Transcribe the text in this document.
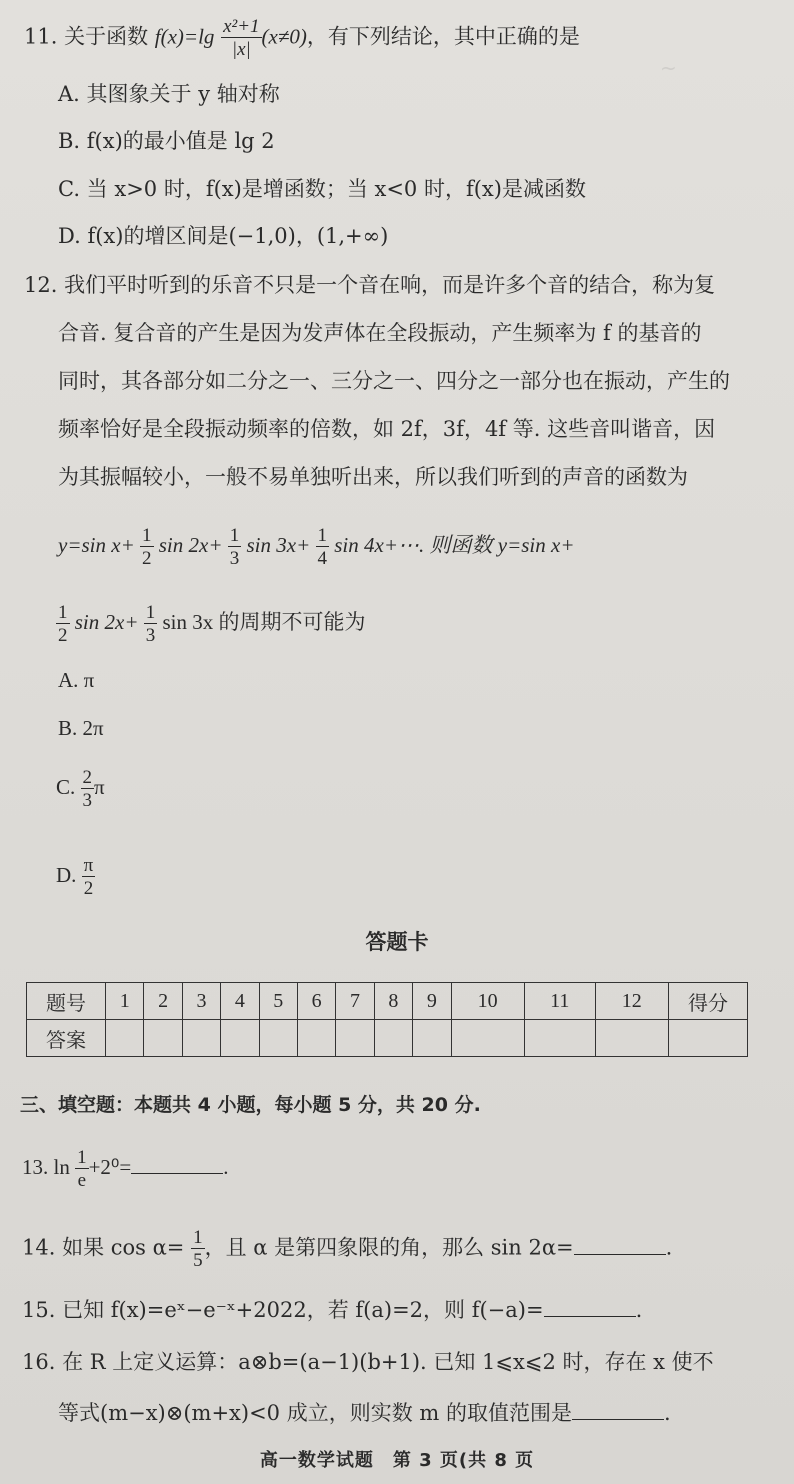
~
11. 关于函数 $f(x)=\lg \frac{\text{x²+1}}{|x|} (x\ne 0)$，有下列结论，其中正确的是
A. 其图象关于 y 轴对称
B. f(x)的最小值是 lg 2
C. 当 x>0 时，f(x)是增函数；当 x<0 时，f(x)是减函数
D. f(x)的增区间是(−1,0)，(1,+∞)
12. 我们平时听到的乐音不只是一个音在响，而是许多个音的结合，称为复
合音. 复合音的产生是因为发声体在全段振动，产生频率为 f 的基音的
同时，其各部分如二分之一、三分之一、四分之一部分也在振动，产生的
频率恰好是全段振动频率的倍数，如 2f，3f，4f 等. 这些音叫谐音，因
为其振幅较小，一般不易单独听出来，所以我们听到的声音的函数为
y=sin $x+ \frac{1}{2}$ $\sin 2x+ \frac{1}{3}$ $\sin 3x+ \frac{1}{4}$ sin 4x+⋯. 则函数 y=sin x+
$\frac{1}{2}$ $\sin 2x+ \frac{1}{3}$ sin 3x 的周期不可能为
A. π
B. 2π
C. $\frac{2}{3}$ π
D. $\frac{\pi}{2}$
答题卡
题号	1	2	3	4	5	6	7	8	9	10	11	12	得分
答案													
三、填空题：本题共 4 小题，每小题 5 分，共 20 分.
13. $\ln \frac{1}{e} +2^0=$	.
14. 如果 $\cos \alpha= \frac{1}{5}$ ，且 α 是第四象限的角，那么 sin 2α=	.
15. 已知 f(x)=eˣ−e⁻ˣ+2022，若 f(a)=2，则 f(−a)=	.
16. 在 R 上定义运算：a⊗b=(a−1)(b+1). 已知 1⩽x⩽2 时，存在 x 使不
等式(m−x)⊗(m+x)<0 成立，则实数 m 的取值范围是	.
高一数学试题　第 3 页(共 8 页
